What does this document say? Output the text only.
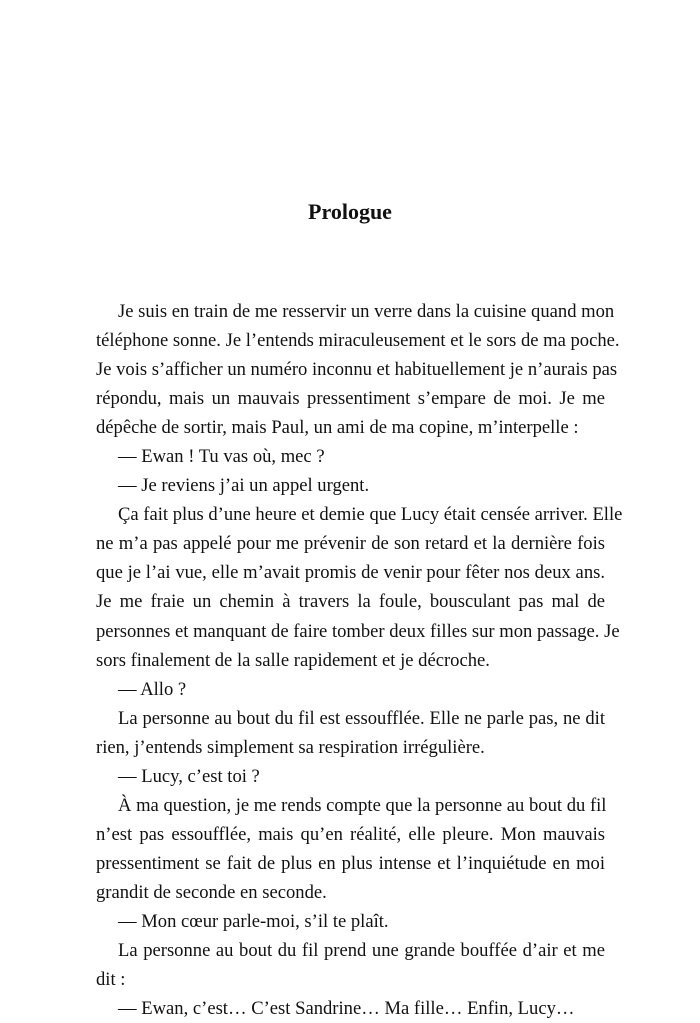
Prologue
Je suis en train de me resservir un verre dans la cuisine quand mon
téléphone sonne. Je l’entends miraculeusement et le sors de ma poche.
Je vois s’afficher un numéro inconnu et habituellement je n’aurais pas
répondu, mais un mauvais pressentiment s’empare de moi. Je me
dépêche de sortir, mais Paul, un ami de ma copine, m’interpelle :
— Ewan ! Tu vas où, mec ?
— Je reviens j’ai un appel urgent.
Ça fait plus d’une heure et demie que Lucy était censée arriver. Elle
ne m’a pas appelé pour me prévenir de son retard et la dernière fois
que je l’ai vue, elle m’avait promis de venir pour fêter nos deux ans.
Je me fraie un chemin à travers la foule, bousculant pas mal de
personnes et manquant de faire tomber deux filles sur mon passage. Je
sors finalement de la salle rapidement et je décroche.
— Allo ?
La personne au bout du fil est essoufflée. Elle ne parle pas, ne dit
rien, j’entends simplement sa respiration irrégulière.
— Lucy, c’est toi ?
À ma question, je me rends compte que la personne au bout du fil
n’est pas essoufflée, mais qu’en réalité, elle pleure. Mon mauvais
pressentiment se fait de plus en plus intense et l’inquiétude en moi
grandit de seconde en seconde.
— Mon cœur parle-moi, s’il te plaît.
La personne au bout du fil prend une grande bouffée d’air et me
dit :
— Ewan, c’est… C’est Sandrine… Ma fille… Enfin, Lucy…
